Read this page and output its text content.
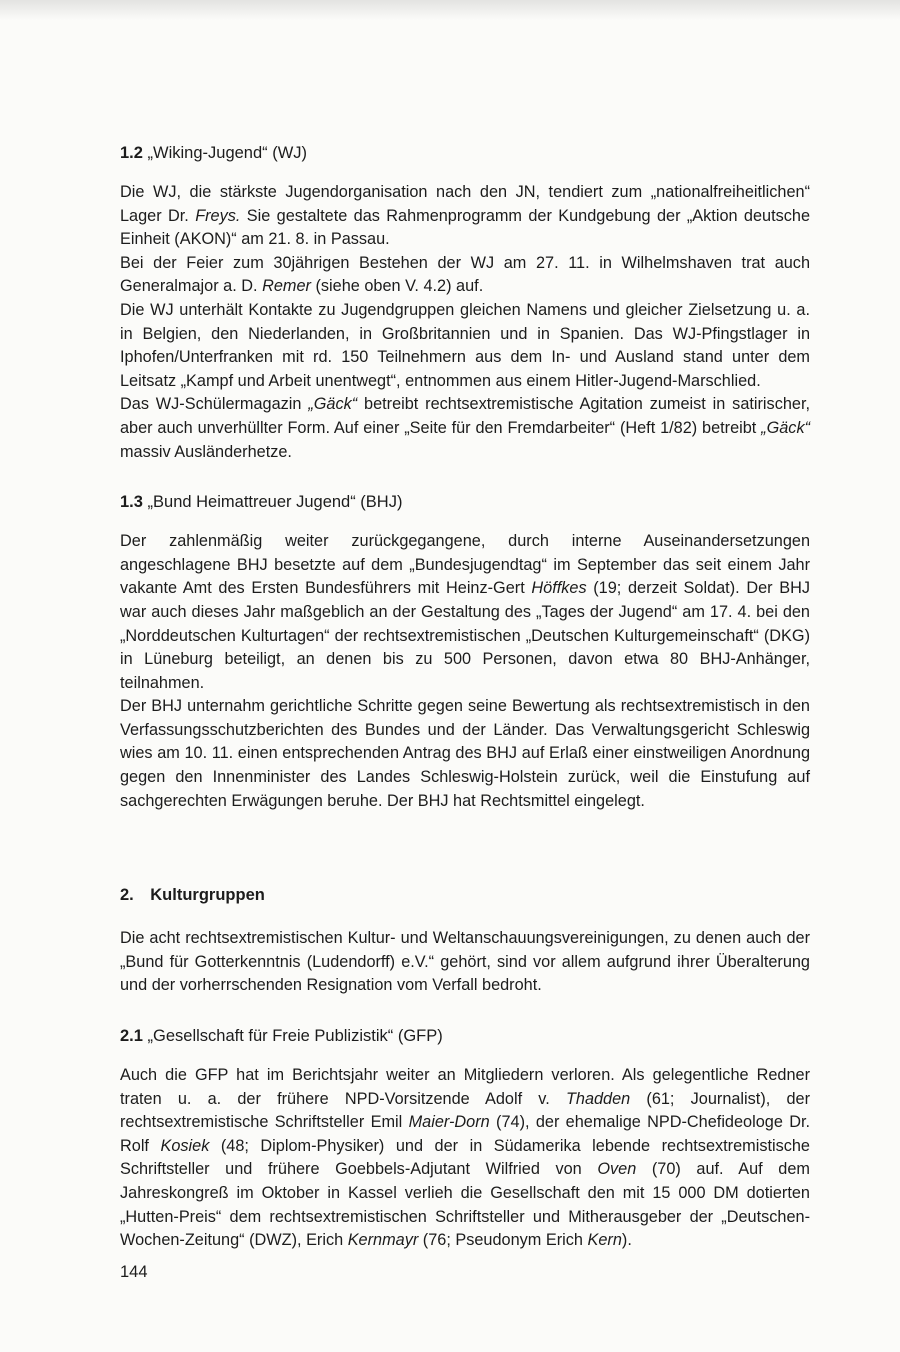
1.2 „Wiking-Jugend“ (WJ)

Die WJ, die stärkste Jugendorganisation nach den JN, tendiert zum „nationalfreiheitlichen“ Lager Dr. Freys. Sie gestaltete das Rahmenprogramm der Kundgebung der „Aktion deutsche Einheit (AKON)“ am 21. 8. in Passau.

Bei der Feier zum 30jährigen Bestehen der WJ am 27. 11. in Wilhelmshaven trat auch Generalmajor a. D. Remer (siehe oben V. 4.2) auf.

Die WJ unterhält Kontakte zu Jugendgruppen gleichen Namens und gleicher Zielsetzung u. a. in Belgien, den Niederlanden, in Großbritannien und in Spanien. Das WJ-Pfingstlager in Iphofen/Unterfranken mit rd. 150 Teilnehmern aus dem In- und Ausland stand unter dem Leitsatz „Kampf und Arbeit unentwegt“, entnommen aus einem Hitler-Jugend-Marschlied.

Das WJ-Schülermagazin „Gäck“ betreibt rechtsextremistische Agitation zumeist in satirischer, aber auch unverhüllter Form. Auf einer „Seite für den Fremdarbeiter“ (Heft 1/82) betreibt „Gäck“ massiv Ausländerhetze.

1.3 „Bund Heimattreuer Jugend“ (BHJ)

Der zahlenmäßig weiter zurückgegangene, durch interne Auseinandersetzungen angeschlagene BHJ besetzte auf dem „Bundesjugendtag“ im September das seit einem Jahr vakante Amt des Ersten Bundesführers mit Heinz-Gert Höffkes (19; derzeit Soldat). Der BHJ war auch dieses Jahr maßgeblich an der Gestaltung des „Tages der Jugend“ am 17. 4. bei den „Norddeutschen Kulturtagen“ der rechtsextremistischen „Deutschen Kulturgemeinschaft“ (DKG) in Lüneburg beteiligt, an denen bis zu 500 Personen, davon etwa 80 BHJ-Anhänger, teilnahmen.

Der BHJ unternahm gerichtliche Schritte gegen seine Bewertung als rechtsextremistisch in den Verfassungsschutzberichten des Bundes und der Länder. Das Verwaltungsgericht Schleswig wies am 10. 11. einen entsprechenden Antrag des BHJ auf Erlaß einer einstweiligen Anordnung gegen den Innenminister des Landes Schleswig-Holstein zurück, weil die Einstufung auf sachgerechten Erwägungen beruhe. Der BHJ hat Rechtsmittel eingelegt.

2. Kulturgruppen

Die acht rechtsextremistischen Kultur- und Weltanschauungsvereinigungen, zu denen auch der „Bund für Gotterkenntnis (Ludendorff) e.V.“ gehört, sind vor allem aufgrund ihrer Überalterung und der vorherrschenden Resignation vom Verfall bedroht.

2.1 „Gesellschaft für Freie Publizistik“ (GFP)

Auch die GFP hat im Berichtsjahr weiter an Mitgliedern verloren. Als gelegentliche Redner traten u. a. der frühere NPD-Vorsitzende Adolf v. Thadden (61; Journalist), der rechtsextremistische Schriftsteller Emil Maier-Dorn (74), der ehemalige NPD-Chefideologe Dr. Rolf Kosiek (48; Diplom-Physiker) und der in Südamerika lebende rechtsextremistische Schriftsteller und frühere Goebbels-Adjutant Wilfried von Oven (70) auf. Auf dem Jahreskongreß im Oktober in Kassel verlieh die Gesellschaft den mit 15 000 DM dotierten „Hutten-Preis“ dem rechtsextremistischen Schriftsteller und Mitherausgeber der „Deutschen-Wochen-Zeitung“ (DWZ), Erich Kernmayr (76; Pseudonym Erich Kern).

144
